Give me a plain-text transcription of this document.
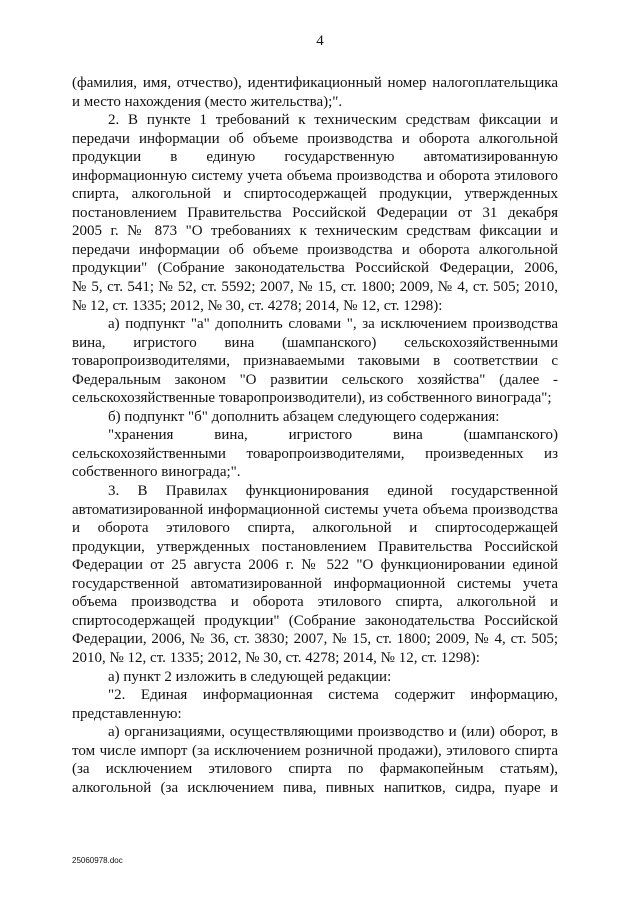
4
(фамилия, имя, отчество), идентификационный номер налогоплательщика
и место нахождения (место жительства);".
2. В пункте 1 требований к техническим средствам фиксации и
передачи информации об объеме производства и оборота алкогольной
продукции в единую государственную автоматизированную
информационную систему учета объема производства и оборота этилового
спирта, алкогольной и спиртосодержащей продукции, утвержденных
постановлением Правительства Российской Федерации от 31 декабря
2005 г. № 873 "О требованиях к техническим средствам фиксации и
передачи информации об объеме производства и оборота алкогольной
продукции" (Собрание законодательства Российской Федерации, 2006,
№ 5, ст. 541; № 52, ст. 5592; 2007, № 15, ст. 1800; 2009, № 4, ст. 505; 2010,
№ 12, ст. 1335; 2012, № 30, ст. 4278; 2014, № 12, ст. 1298):
а) подпункт "а" дополнить словами ", за исключением производства
вина, игристого вина (шампанского) сельскохозяйственными
товаропроизводителями, признаваемыми таковыми в соответствии с
Федеральным законом "О развитии сельского хозяйства" (далее -
сельскохозяйственные товаропроизводители), из собственного винограда";
б) подпункт "б" дополнить абзацем следующего содержания:
"хранения вина, игристого вина (шампанского)
сельскохозяйственными товаропроизводителями, произведенных из
собственного винограда;".
3. В Правилах функционирования единой государственной
автоматизированной информационной системы учета объема производства
и оборота этилового спирта, алкогольной и спиртосодержащей
продукции, утвержденных постановлением Правительства Российской
Федерации от 25 августа 2006 г. № 522 "О функционировании единой
государственной автоматизированной информационной системы учета
объема производства и оборота этилового спирта, алкогольной и
спиртосодержащей продукции" (Собрание законодательства Российской
Федерации, 2006, № 36, ст. 3830; 2007, № 15, ст. 1800; 2009, № 4, ст. 505;
2010, № 12, ст. 1335; 2012, № 30, ст. 4278; 2014, № 12, ст. 1298):
а) пункт 2 изложить в следующей редакции:
"2. Единая информационная система содержит информацию,
представленную:
а) организациями, осуществляющими производство и (или) оборот, в
том числе импорт (за исключением розничной продажи), этилового спирта
(за исключением этилового спирта по фармакопейным статьям),
алкогольной (за исключением пива, пивных напитков, сидра, пуаре и
25060978.doc
